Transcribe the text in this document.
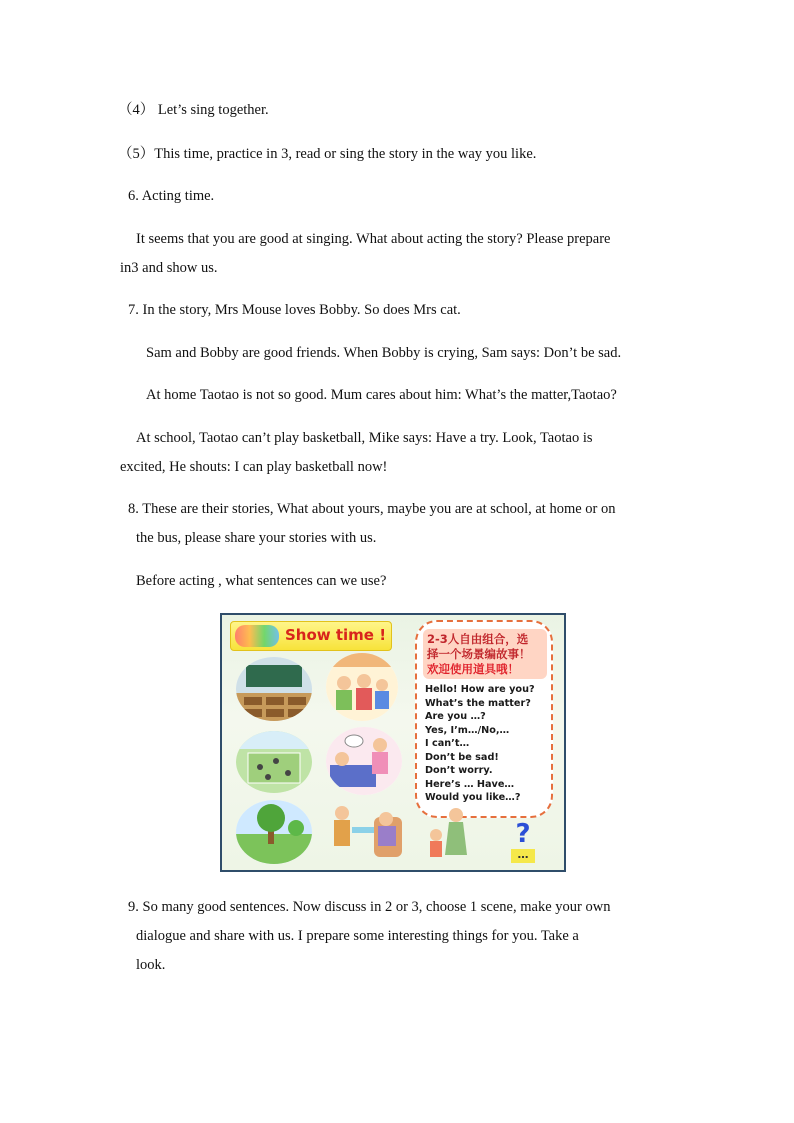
（4） Let’s sing together.
（5）This time, practice in 3, read or sing the story in the way you like.
6. Acting time.
It seems that you are good at singing. What about acting the story? Please prepare
in3 and show us.
7. In the story, Mrs Mouse loves Bobby. So does Mrs cat.
Sam and Bobby are good friends. When Bobby is crying, Sam says: Don’t be sad.
At home Taotao is not so good. Mum cares about him: What’s the matter,Taotao?
At school, Taotao can’t play basketball, Mike says: Have a try. Look, Taotao is
excited, He shouts: I can play basketball now!
8. These are their stories, What about yours, maybe you are at school, at home or on
the bus, please share your stories with us.
Before acting , what sentences can we use?
Show time !	2-3人自由组合，选
择一个场景编故事！
欢迎使用道具哦！
Hello! How are you?
What’s the matter?
Are you …?
Yes, I’m…/No,…
I can’t…
Don’t be sad!
Don’t worry.
Here’s … Have…
Would you like…?
?
…
9. So many good sentences. Now discuss in 2 or 3, choose 1 scene, make your own
dialogue and share with us. I prepare some interesting things for you. Take a
look.
